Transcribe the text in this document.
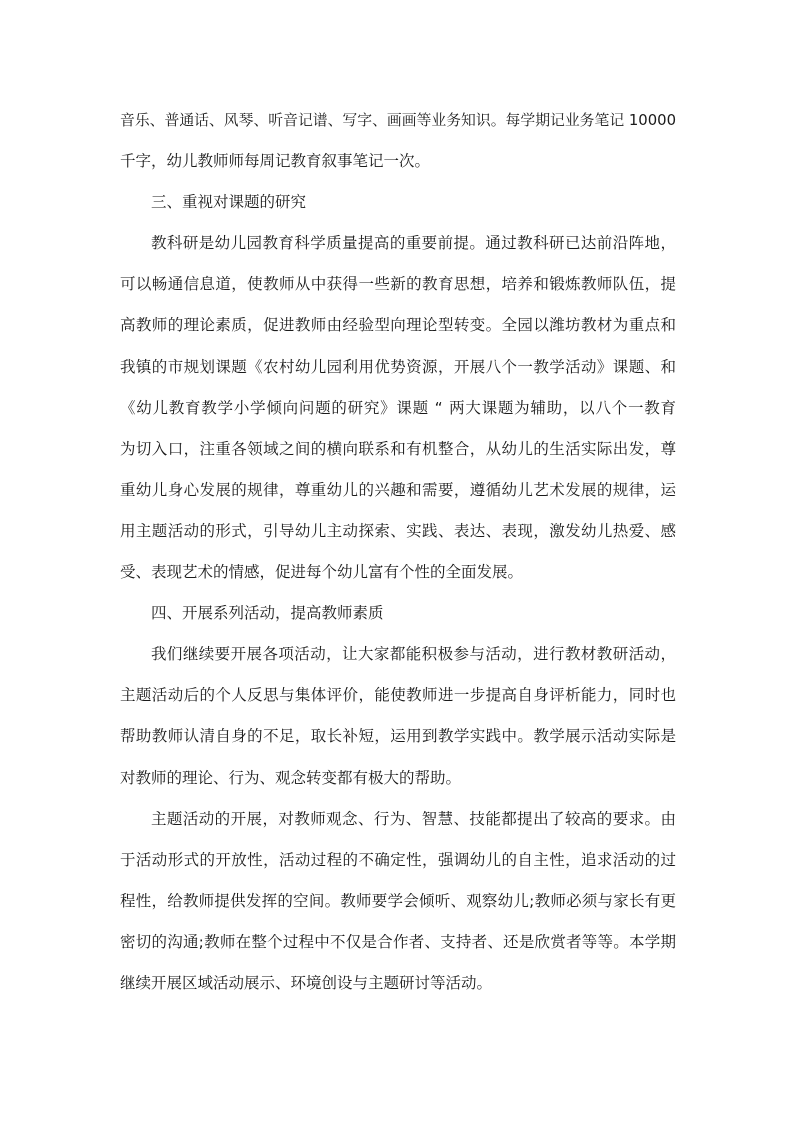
音乐、普通话、风琴、听音记谱、写字、画画等业务知识。每学期记业务笔记 10000
千字，幼儿教师师每周记教育叙事笔记一次。
三、重视对课题的研究
教科研是幼儿园教育科学质量提高的重要前提。通过教科研已达前沿阵地，
可以畅通信息道，使教师从中获得一些新的教育思想，培养和锻炼教师队伍，提
高教师的理论素质，促进教师由经验型向理论型转变。全园以潍坊教材为重点和
我镇的市规划课题《农村幼儿园利用优势资源，开展八个一教学活动》课题、和
《幼儿教育教学小学倾向问题的研究》课题 “ 两大课题为辅助，以八个一教育
为切入口，注重各领域之间的横向联系和有机整合，从幼儿的生活实际出发，尊
重幼儿身心发展的规律，尊重幼儿的兴趣和需要，遵循幼儿艺术发展的规律，运
用主题活动的形式，引导幼儿主动探索、实践、表达、表现，激发幼儿热爱、感
受、表现艺术的情感，促进每个幼儿富有个性的全面发展。
四、开展系列活动，提高教师素质
我们继续要开展各项活动，让大家都能积极参与活动，进行教材教研活动，
主题活动后的个人反思与集体评价，能使教师进一步提高自身评析能力，同时也
帮助教师认清自身的不足，取长补短，运用到教学实践中。教学展示活动实际是
对教师的理论、行为、观念转变都有极大的帮助。
主题活动的开展，对教师观念、行为、智慧、技能都提出了较高的要求。由
于活动形式的开放性，活动过程的不确定性，强调幼儿的自主性，追求活动的过
程性，给教师提供发挥的空间。教师要学会倾听、观察幼儿;教师必须与家长有更
密切的沟通;教师在整个过程中不仅是合作者、支持者、还是欣赏者等等。本学期
继续开展区域活动展示、环境创设与主题研讨等活动。
